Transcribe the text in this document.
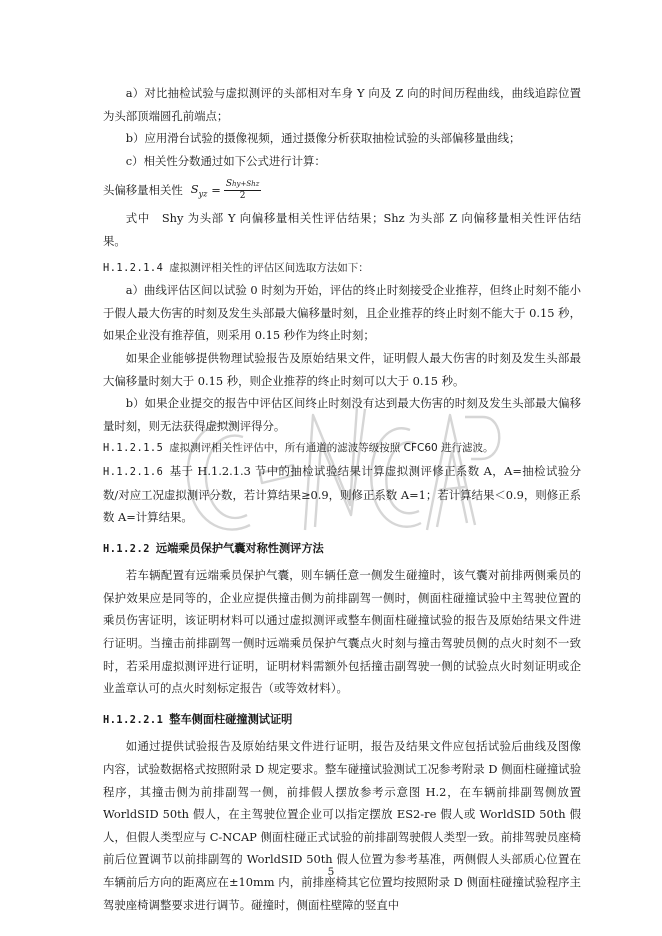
a）对比抽检试验与虚拟测评的头部相对车身 Y 向及 Z 向的时间历程曲线，曲线追踪位置为头部顶端圆孔前端点；

b）应用滑台试验的摄像视频，通过摄像分析获取抽检试验的头部偏移量曲线；

c）相关性分数通过如下公式进行计算：

头偏移量相关性 $S_{yz} = \frac{\text{Shy+Shz}}{2}$

式中　Shy 为头部 Y 向偏移量相关性评估结果；Shz 为头部 Z 向偏移量相关性评估结果。

H.1.2.1.4 虚拟测评相关性的评估区间选取方法如下：

a）曲线评估区间以试验 0 时刻为开始，评估的终止时刻接受企业推荐，但终止时刻不能小于假人最大伤害的时刻及发生头部最大偏移量时刻，且企业推荐的终止时刻不能大于 0.15 秒，如果企业没有推荐值，则采用 0.15 秒作为终止时刻；

如果企业能够提供物理试验报告及原始结果文件，证明假人最大伤害的时刻及发生头部最大偏移量时刻大于 0.15 秒，则企业推荐的终止时刻可以大于 0.15 秒。

b）如果企业提交的报告中评估区间终止时刻没有达到最大伤害的时刻及发生头部最大偏移量时刻，则无法获得虚拟测评得分。

H.1.2.1.5 虚拟测评相关性评估中，所有通道的滤波等级按照 CFC60 进行滤波。

H.1.2.1.6 基于 H.1.2.1.3 节中的抽检试验结果计算虚拟测评修正系数 A，A=抽检试验分数/对应工况虚拟测评分数，若计算结果≥0.9，则修正系数 A=1；若计算结果＜0.9，则修正系数 A=计算结果。

H.1.2.2 远端乘员保护气囊对称性测评方法

若车辆配置有远端乘员保护气囊，则车辆任意一侧发生碰撞时，该气囊对前排两侧乘员的保护效果应是同等的，企业应提供撞击侧为前排副驾一侧时，侧面柱碰撞试验中主驾驶位置的乘员伤害证明，该证明材料可以通过虚拟测评或整车侧面柱碰撞试验的报告及原始结果文件进行证明。当撞击前排副驾一侧时远端乘员保护气囊点火时刻与撞击驾驶员侧的点火时刻不一致时，若采用虚拟测评进行证明，证明材料需额外包括撞击副驾驶一侧的试验点火时刻证明或企业盖章认可的点火时刻标定报告（或等效材料）。

H.1.2.2.1 整车侧面柱碰撞测试证明

如通过提供试验报告及原始结果文件进行证明，报告及结果文件应包括试验后曲线及图像内容，试验数据格式按照附录 D 规定要求。整车碰撞试验测试工况参考附录 D 侧面柱碰撞试验程序，其撞击侧为前排副驾一侧，前排假人摆放参考示意图 H.2，在车辆前排副驾侧放置 WorldSID 50th 假人，在主驾驶位置企业可以指定摆放 ES2-re 假人或 WorldSID 50th 假人，但假人类型应与 C-NCAP 侧面柱碰正式试验的前排副驾驶假人类型一致。前排驾驶员座椅前后位置调节以前排副驾的 WorldSID 50th 假人位置为参考基准，两侧假人头部质心位置在车辆前后方向的距离应在±10mm 内，前排座椅其它位置均按照附录 D 侧面柱碰撞试验程序主驾驶座椅调整要求进行调节。碰撞时，侧面柱壁障的竖直中

5
